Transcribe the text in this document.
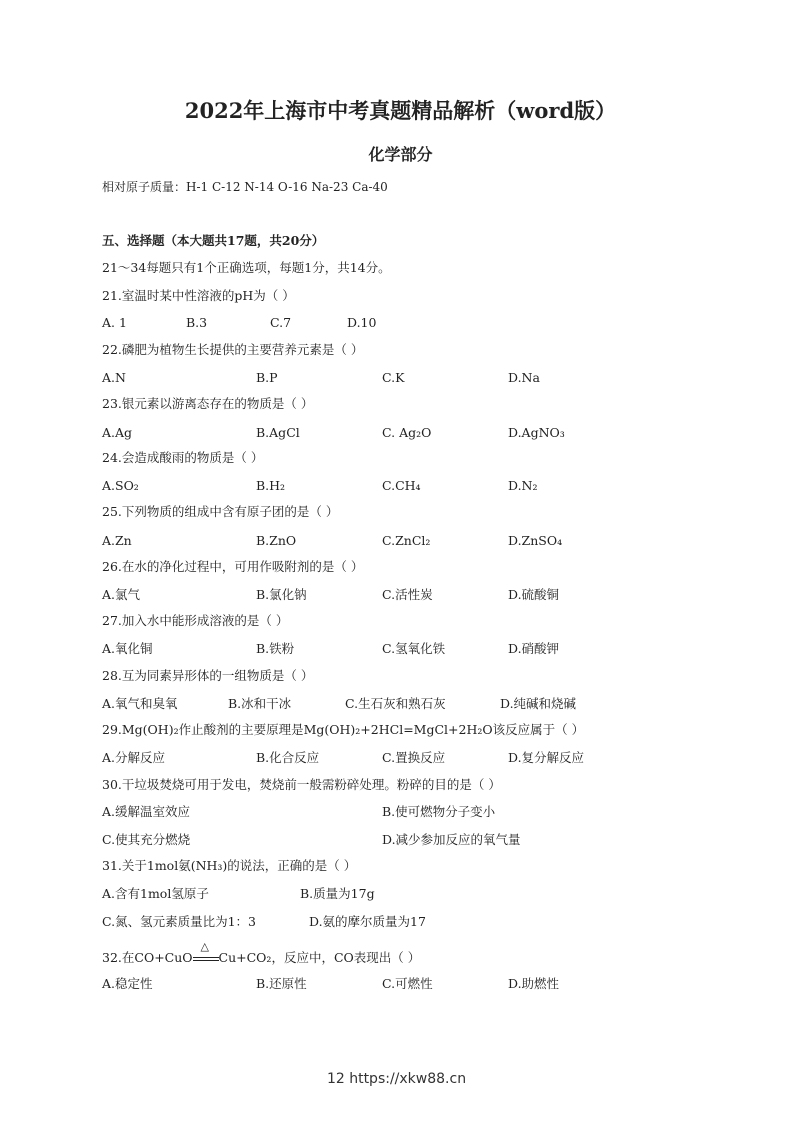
2022年上海市中考真题精品解析（word版）
化学部分
相对原子质量：H-1 C-12 N-14 O-16 Na-23 Ca-40
五、选择题（本大题共17题，共20分）
21～34每题只有1个正确选项，每题1分，共14分。
21.室温时某中性溶液的pH为（ ）
A. 1	B.3	C.7	D.10
22.磷肥为植物生长提供的主要营养元素是（ ）
A.N	B.P	C.K	D.Na
23.银元素以游离态存在的物质是（ ）
A.Ag	B.AgCl	C. Ag₂O	D.AgNO₃
24.会造成酸雨的物质是（ ）
A.SO₂	B.H₂	C.CH₄	D.N₂
25.下列物质的组成中含有原子团的是（ ）
A.Zn	B.ZnO	C.ZnCl₂	D.ZnSO₄
26.在水的净化过程中，可用作吸附剂的是（ ）
A.氯气	B.氯化钠	C.活性炭	D.硫酸铜
27.加入水中能形成溶液的是（ ）
A.氧化铜	B.铁粉	C.氢氧化铁	D.硝酸钾
28.互为同素异形体的一组物质是（ ）
A.氧气和臭氧	B.冰和干冰	C.生石灰和熟石灰	D.纯碱和烧碱
29.Mg(OH)₂作止酸剂的主要原理是Mg(OH)₂+2HCl=MgCl+2H₂O该反应属于（ ）
A.分解反应	B.化合反应	C.置换反应	D.复分解反应
30.干垃圾焚烧可用于发电，焚烧前一般需粉碎处理。粉碎的目的是（ ）
A.缓解温室效应	B.使可燃物分子变小
C.使其充分燃烧	D.减少参加反应的氧气量
31.关于1mol氨(NH₃)的说法，正确的是（ ）
A.含有1mol氢原子	B.质量为17g
C.氮、氢元素质量比为1：3	D.氨的摩尔质量为17
32.在CO+CuO
△
Cu+CO₂，反应中，CO表现出（ ）
A.稳定性	B.还原性	C.可燃性	D.助燃性
12 https://xkw88.cn
